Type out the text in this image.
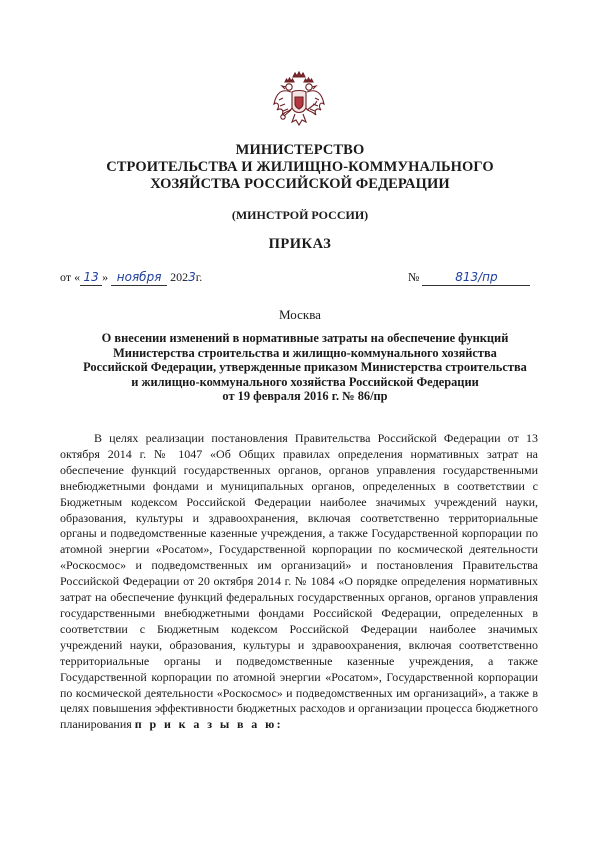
МИНИСТЕРСТВО
СТРОИТЕЛЬСТВА И ЖИЛИЩНО-КОММУНАЛЬНОГО
ХОЗЯЙСТВА РОССИЙСКОЙ ФЕДЕРАЦИИ
(МИНСТРОЙ РОССИИ)
ПРИКАЗ
от « 13 » ноября 2023г.	№	813/пр
Москва
О внесении изменений в нормативные затраты на обеспечение функций
Министерства строительства и жилищно-коммунального хозяйства
Российской Федерации, утвержденные приказом Министерства строительства
и жилищно-коммунального хозяйства Российской Федерации
от 19 февраля 2016 г. № 86/пр

В целях реализации постановления Правительства Российской Федерации от 13 октября 2014 г. № 1047 «Об Общих правилах определения нормативных затрат на обеспечение функций государственных органов, органов управления государственными внебюджетными фондами и муниципальных органов, определенных в соответствии с Бюджетным кодексом Российской Федерации наиболее значимых учреждений науки, образования, культуры и здравоохранения, включая соответственно территориальные органы и подведомственные казенные учреждения, а также Государственной корпорации по атомной энергии «Росатом», Государственной корпорации по космической деятельности «Роскосмос» и подведомственных им организаций» и постановления Правительства Российской Федерации от 20 октября 2014 г. № 1084 «О порядке определения нормативных затрат на обеспечение функций федеральных государственных органов, органов управления государственными внебюджетными фондами Российской Федерации, определенных в соответствии с Бюджетным кодексом Российской Федерации наиболее значимых учреждений науки, образования, культуры и здравоохранения, включая соответственно территориальные органы и подведомственные казенные учреждения, а также Государственной корпорации по атомной энергии «Росатом», Государственной корпорации по космической деятельности «Роскосмос» и подведомственных им организаций», а также в целях повышения эффективности бюджетных расходов и организации процесса бюджетного планирования п р и к а з ы в а ю:
